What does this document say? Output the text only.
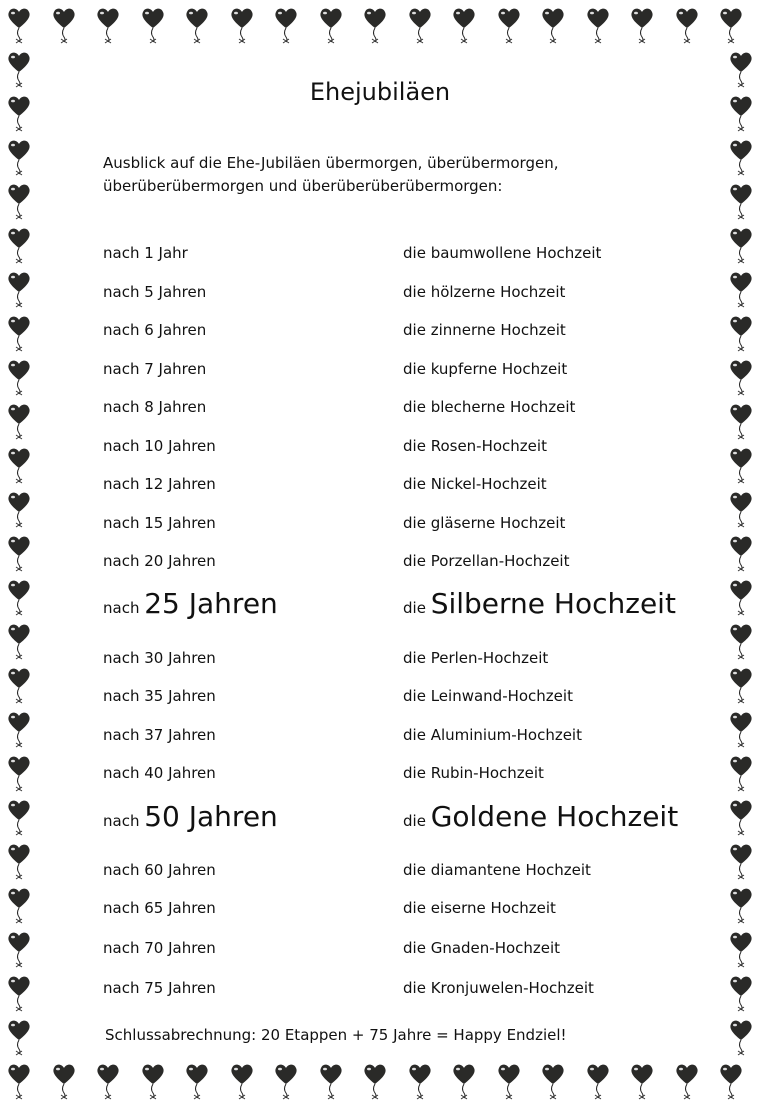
Ehejubiläen
Ausblick auf die Ehe-Jubiläen übermorgen, überübermorgen,
überüberübermorgen und überüberüberübermorgen:
nach 1 Jahr	die baumwollene Hochzeit
nach 5 Jahren	die hölzerne Hochzeit
nach 6 Jahren	die zinnerne Hochzeit
nach 7 Jahren	die kupferne Hochzeit
nach 8 Jahren	die blecherne Hochzeit
nach 10 Jahren	die Rosen-Hochzeit
nach 12 Jahren	die Nickel-Hochzeit
nach 15 Jahren	die gläserne Hochzeit
nach 20 Jahren	die Porzellan-Hochzeit
nach 25 Jahren	die Silberne Hochzeit
nach 30 Jahren	die Perlen-Hochzeit
nach 35 Jahren	die Leinwand-Hochzeit
nach 37 Jahren	die Aluminium-Hochzeit
nach 40 Jahren	die Rubin-Hochzeit
nach 50 Jahren	die Goldene Hochzeit
nach 60 Jahren	die diamantene Hochzeit
nach 65 Jahren	die eiserne Hochzeit
nach 70 Jahren	die Gnaden-Hochzeit
nach 75 Jahren	die Kronjuwelen-Hochzeit
Schlussabrechnung: 20 Etappen + 75 Jahre = Happy Endziel!
